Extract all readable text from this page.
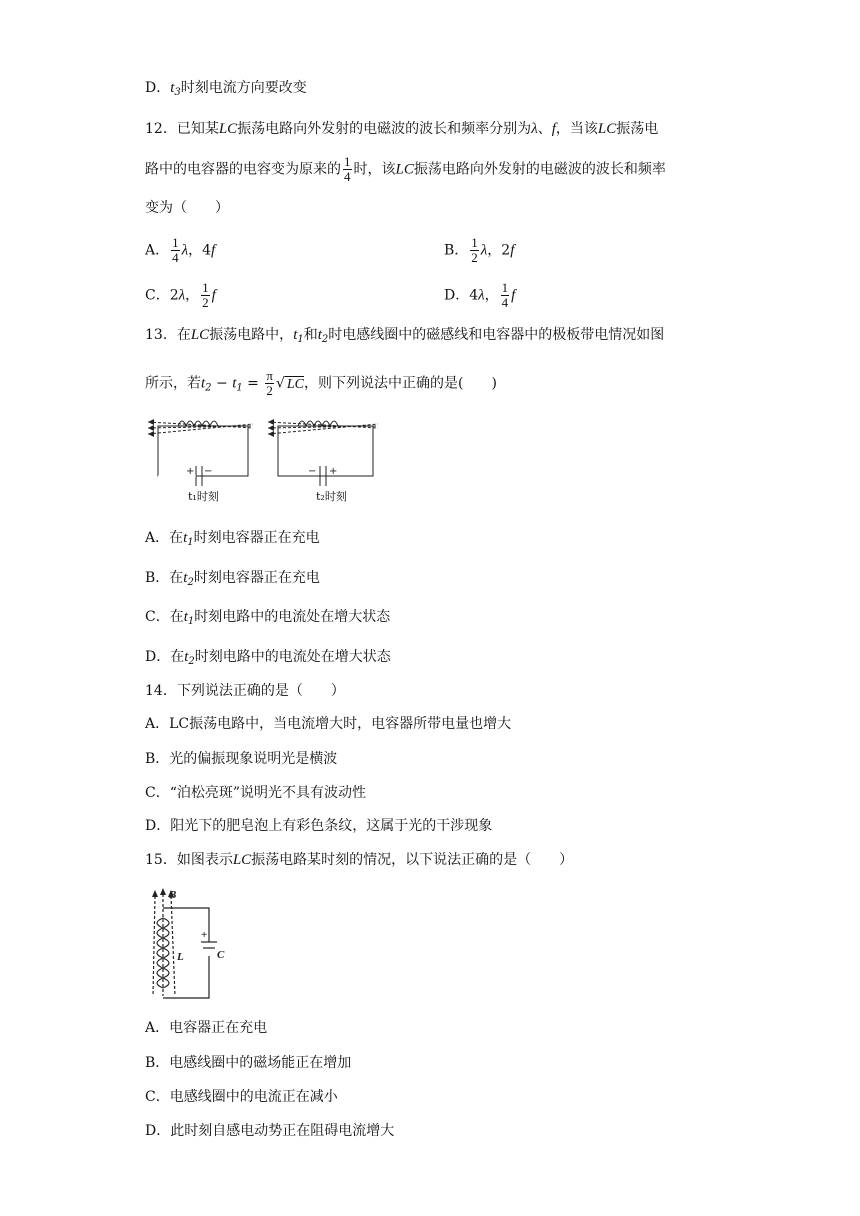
D．$t_3$时刻电流方向要改变
12．已知某LC振荡电路向外发射的电磁波的波长和频率分别为λ、f，当该LC振荡电
路中的电容器的电容变为原来的 $\frac{1}{4}$ 时，该LC振荡电路向外发射的电磁波的波长和频率
变为（　　）
A． $\frac{1}{4}$ λ，4f	B． $\frac{1}{2}$ λ，2f
C．2λ， $\frac{1}{2}$ f	D．4λ， $\frac{1}{4}$ f
13．在LC振荡电路中，$t_1$和$t_2$时电感线圈中的磁感线和电容器中的极板带电情况如图
所示，若$t_2 - t_1 = \frac{\pi}{2}$ √ LC，则下列说法中正确的是(　　)
+ −	− +
t₁时刻	t₂时刻
A．在$t_1$时刻电容器正在充电
B．在$t_2$时刻电容器正在充电
C．在$t_1$时刻电路中的电流处在增大状态
D．在$t_2$时刻电路中的电流处在增大状态
14．下列说法正确的是（　　）
A．LC振荡电路中，当电流增大时，电容器所带电量也增大
B．光的偏振现象说明光是横波
C．“泊松亮斑”说明光不具有波动性
D．阳光下的肥皂泡上有彩色条纹，这属于光的干涉现象
15．如图表示LC振荡电路某时刻的情况，以下说法正确的是（　　）
B
L	C
+
A．电容器正在充电
B．电感线圈中的磁场能正在增加
C．电感线圈中的电流正在减小
D．此时刻自感电动势正在阻碍电流增大
